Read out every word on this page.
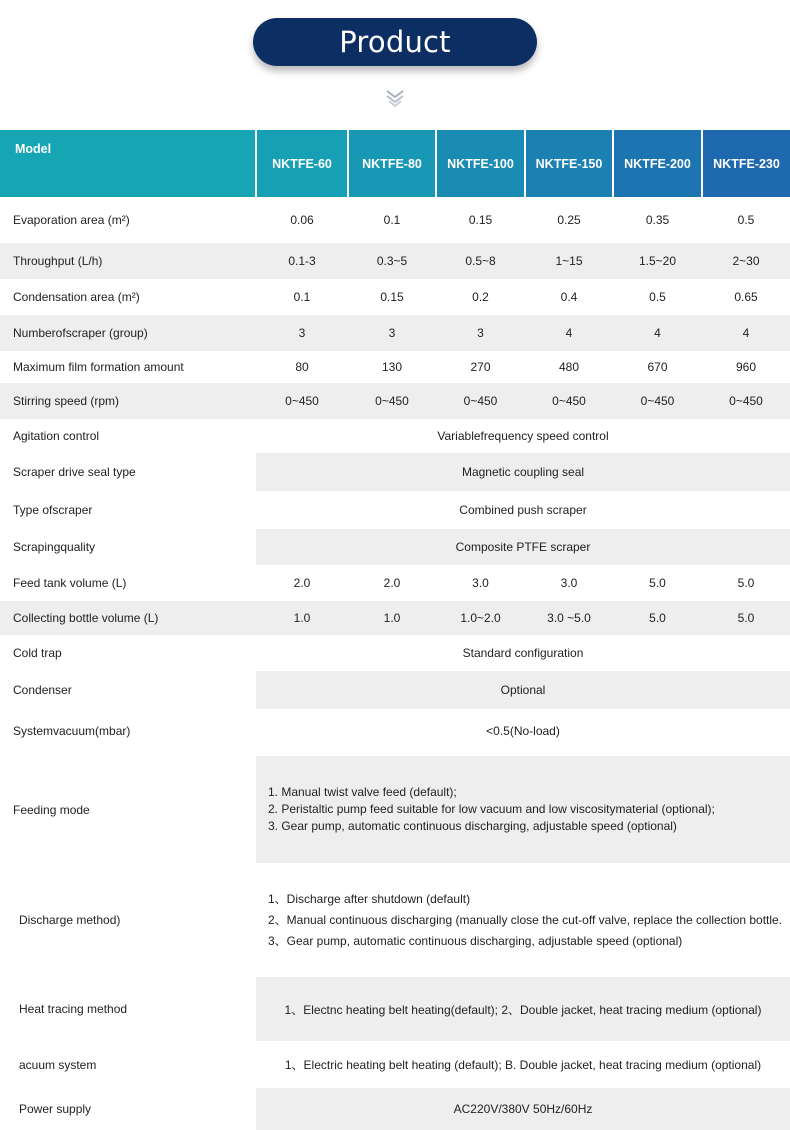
Product parameters
Model	NKTFE-60	NKTFE-80	NKTFE-100	NKTFE-150	NKTFE-200	NKTFE-230
Evaporation area (m²)	0.06	0.1	0.15	0.25	0.35	0.5
Throughput (L/h)	0.1-3	0.3~5	0.5~8	1~15	1.5~20	2~30
Condensation area (m²)	0.1	0.15	0.2	0.4	0.5	0.65
Numberofscraper (group)	3	3	3	4	4	4
Maximum film formation amount	80	130	270	480	670	960
Stirring speed (rpm)	0~450	0~450	0~450	0~450	0~450	0~450
Agitation control	Variablefrequency speed control					
Scraper drive seal type	Magnetic coupling seal					
Type ofscraper	Combined push scraper					
Scrapingquality	Composite PTFE scraper					
Feed tank volume (L)	2.0	2.0	3.0	3.0	5.0	5.0
Collecting bottle volume (L)	1.0	1.0	1.0~2.0	3.0 ~5.0	5.0	5.0
Cold trap	Standard configuration					
Condenser	Optional					
Systemvacuum(mbar)	<0.5(No-load)					

Feeding mode	1. Manual twist valve feed (default);
2. Peristaltic pump feed suitable for low vacuum and low viscositymaterial (optional);
3. Gear pump, automatic continuous discharging, adjustable speed (optional)					

Discharge method)	1、Discharge after shutdown (default)
2、Manual continuous discharging (manually close the cut-off valve, replace the collection bottle.
3、Gear pump, automatic continuous discharging, adjustable speed (optional)					

Heat tracing method	1、Electnc heating belt heating(default); 2、Double jacket, heat tracing medium (optional)					
acuum system	1、Electric heating belt heating (default); B. Double jacket, heat tracing medium (optional)					
Power supply	AC220V/380V 50Hz/60Hz					
